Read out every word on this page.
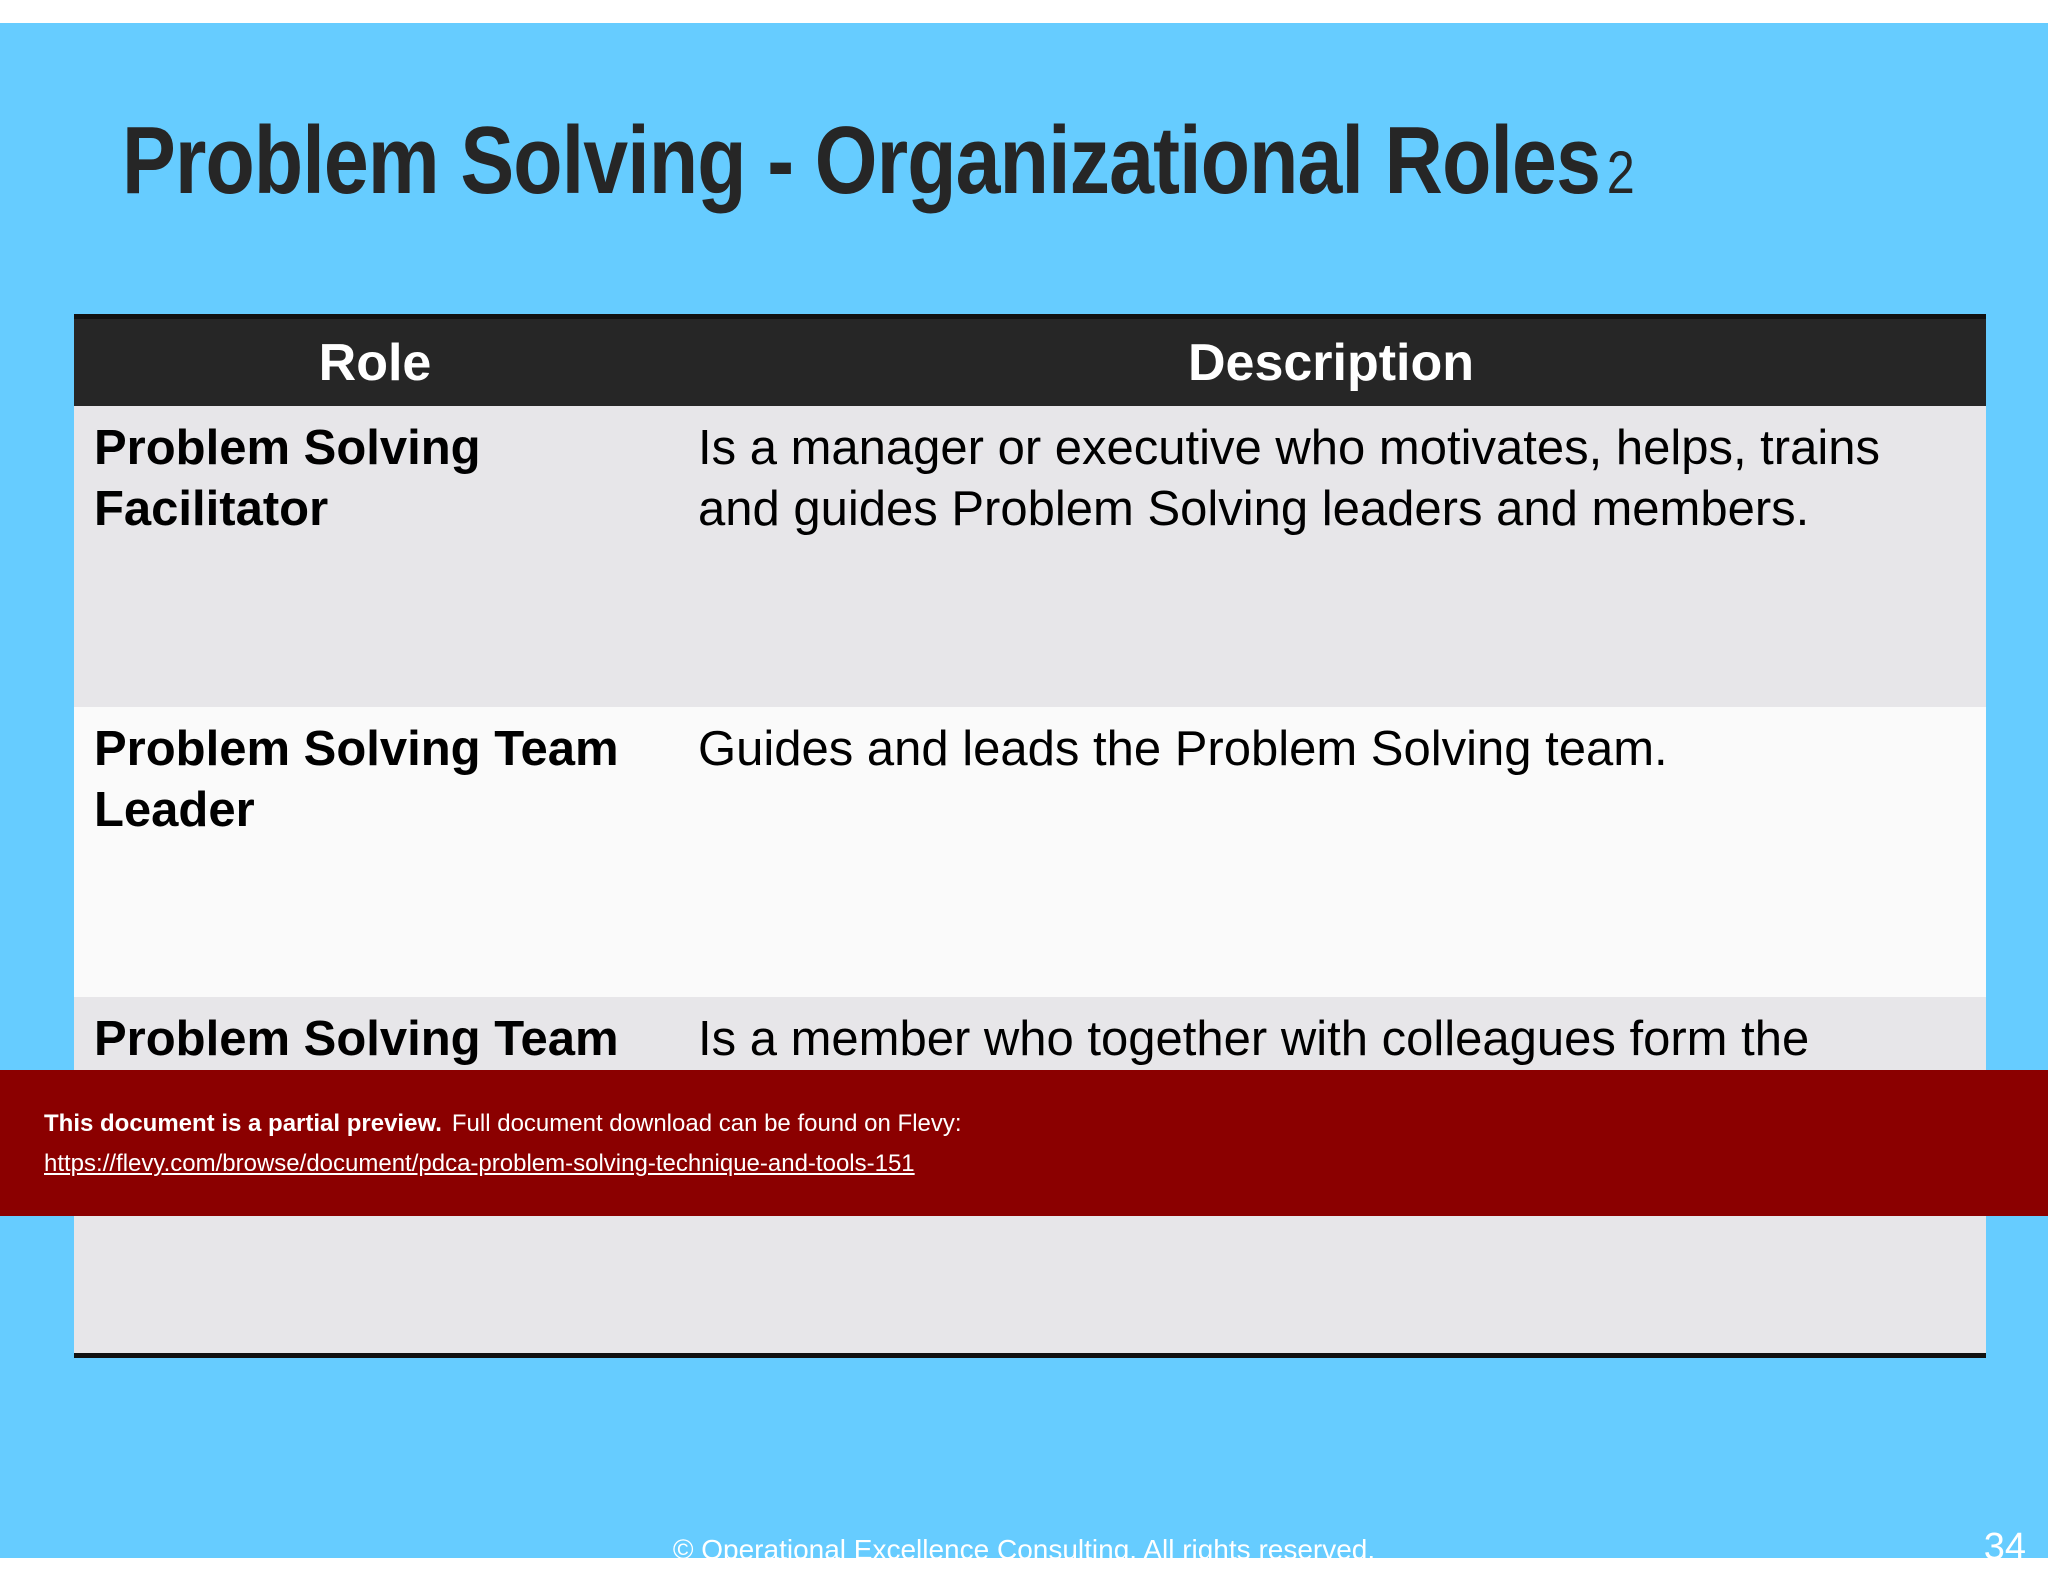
Problem Solving - Organizational Roles 2
Role	Description
Problem Solving Facilitator	Is a manager or executive who motivates, helps, trains and guides Problem Solving leaders and members.
Problem Solving Team Leader	Guides and leads the Problem Solving team.
Problem Solving Team	Is a member who together with colleagues form the
© Operational Excellence Consulting. All rights reserved.	34
This document is a partial preview. Full document download can be found on Flevy:
https://flevy.com/browse/document/pdca-problem-solving-technique-and-tools-151
